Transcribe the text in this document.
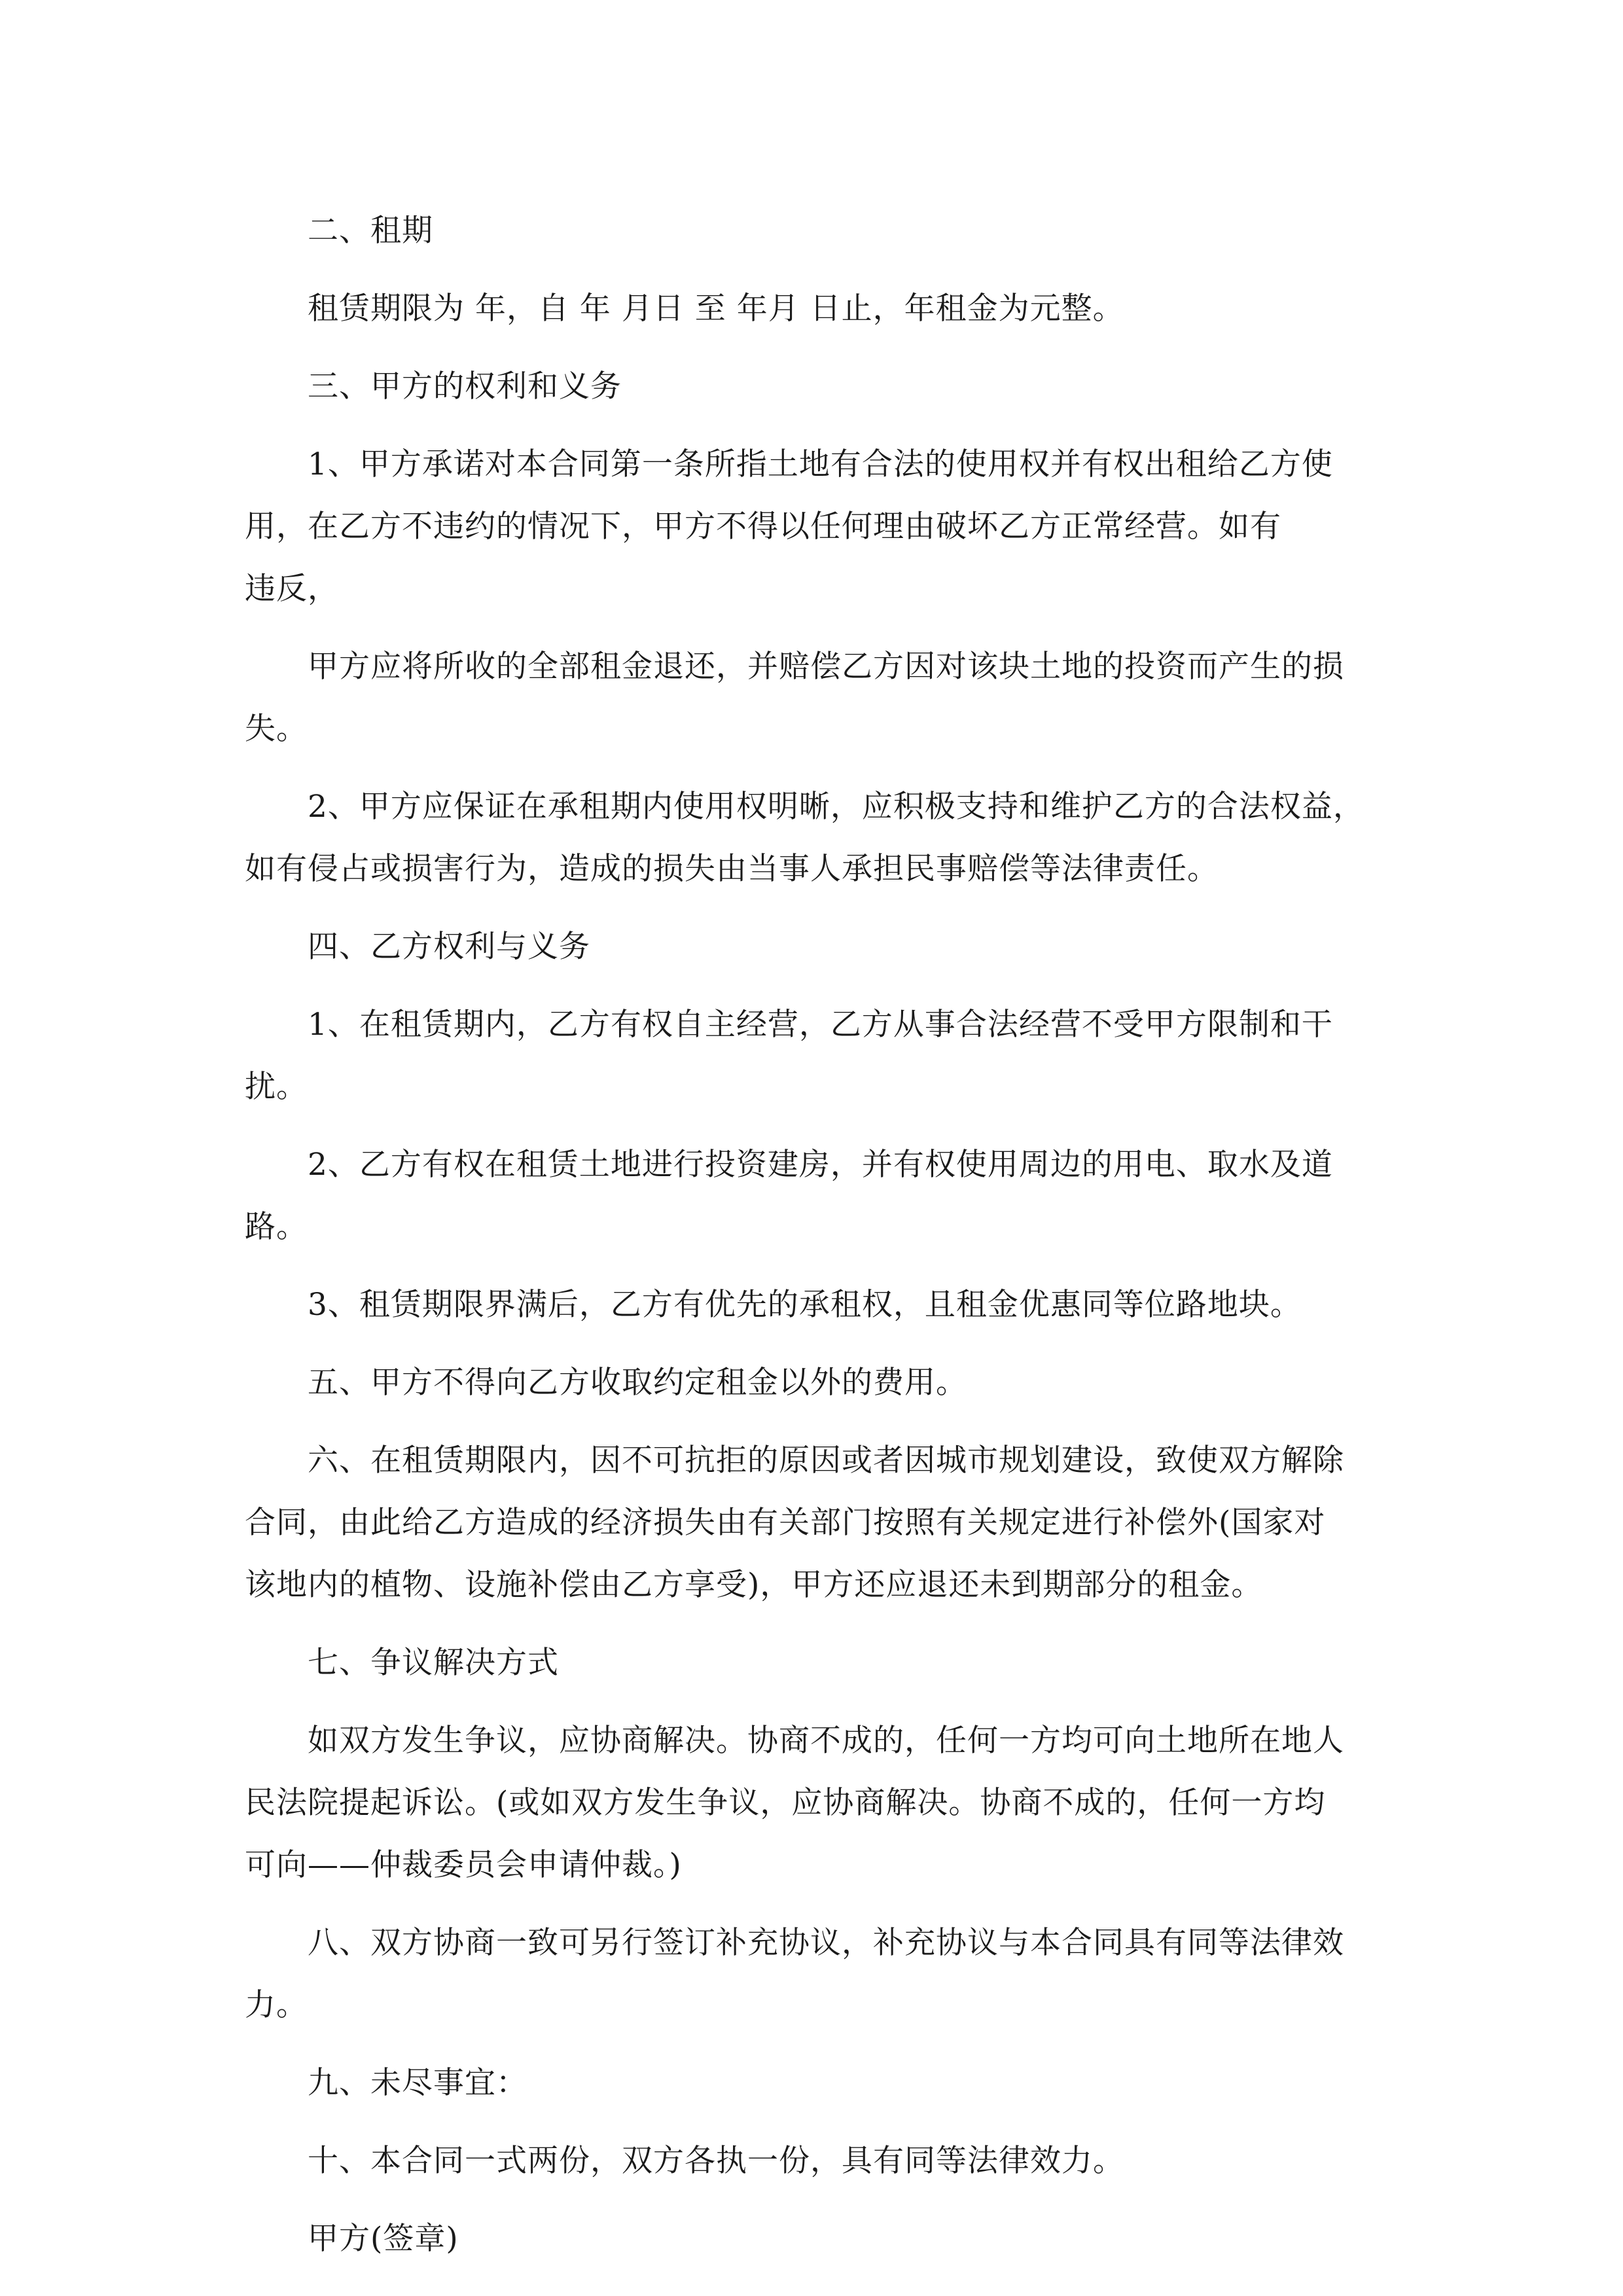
二、租期

租赁期限为 年，自 年 月日 至 年月 日止，年租金为元整。

三、甲方的权利和义务

1、甲方承诺对本合同第一条所指土地有合法的使用权并有权出租给乙方使

用，在乙方不违约的情况下，甲方不得以任何理由破坏乙方正常经营。如有

违反，

甲方应将所收的全部租金退还，并赔偿乙方因对该块土地的投资而产生的损

失。

2、甲方应保证在承租期内使用权明晰，应积极支持和维护乙方的合法权益，

如有侵占或损害行为，造成的损失由当事人承担民事赔偿等法律责任。

四、乙方权利与义务

1、在租赁期内，乙方有权自主经营，乙方从事合法经营不受甲方限制和干

扰。

2、乙方有权在租赁土地进行投资建房，并有权使用周边的用电、取水及道

路。

3、租赁期限界满后，乙方有优先的承租权，且租金优惠同等位路地块。

五、甲方不得向乙方收取约定租金以外的费用。

六、在租赁期限内，因不可抗拒的原因或者因城市规划建设，致使双方解除

合同，由此给乙方造成的经济损失由有关部门按照有关规定进行补偿外(国家对

该地内的植物、设施补偿由乙方享受)，甲方还应退还未到期部分的租金。

七、争议解决方式

如双方发生争议，应协商解决。协商不成的，任何一方均可向土地所在地人

民法院提起诉讼。(或如双方发生争议，应协商解决。协商不成的，任何一方均

可向——仲裁委员会申请仲裁。)

八、双方协商一致可另行签订补充协议，补充协议与本合同具有同等法律效

力。

九、未尽事宜：

十、本合同一式两份，双方各执一份，具有同等法律效力。

甲方(签章)
